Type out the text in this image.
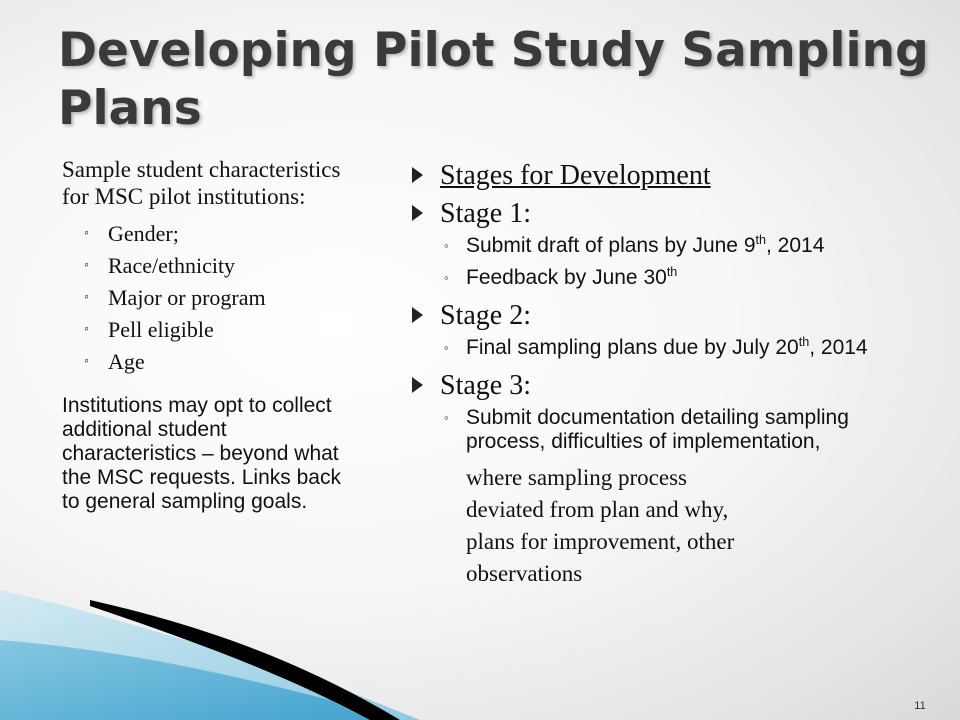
Developing Pilot Study Sampling Plans
Sample student characteristics for MSC pilot institutions:
◦ Gender;
◦ Race/ethnicity
◦ Major or program
◦ Pell eligible
◦ Age
Institutions may opt to collect additional student characteristics – beyond what the MSC requests. Links back to general sampling goals.
Stages for Development
Stage 1:
◦ Submit draft of plans by June 9th, 2014
◦ Feedback by June 30th
Stage 2:
◦ Final sampling plans due by July 20th, 2014
Stage 3:
◦ Submit documentation detailing sampling process, difficulties of implementation,
where sampling process
deviated from plan and why,
plans for improvement, other
observations
11
